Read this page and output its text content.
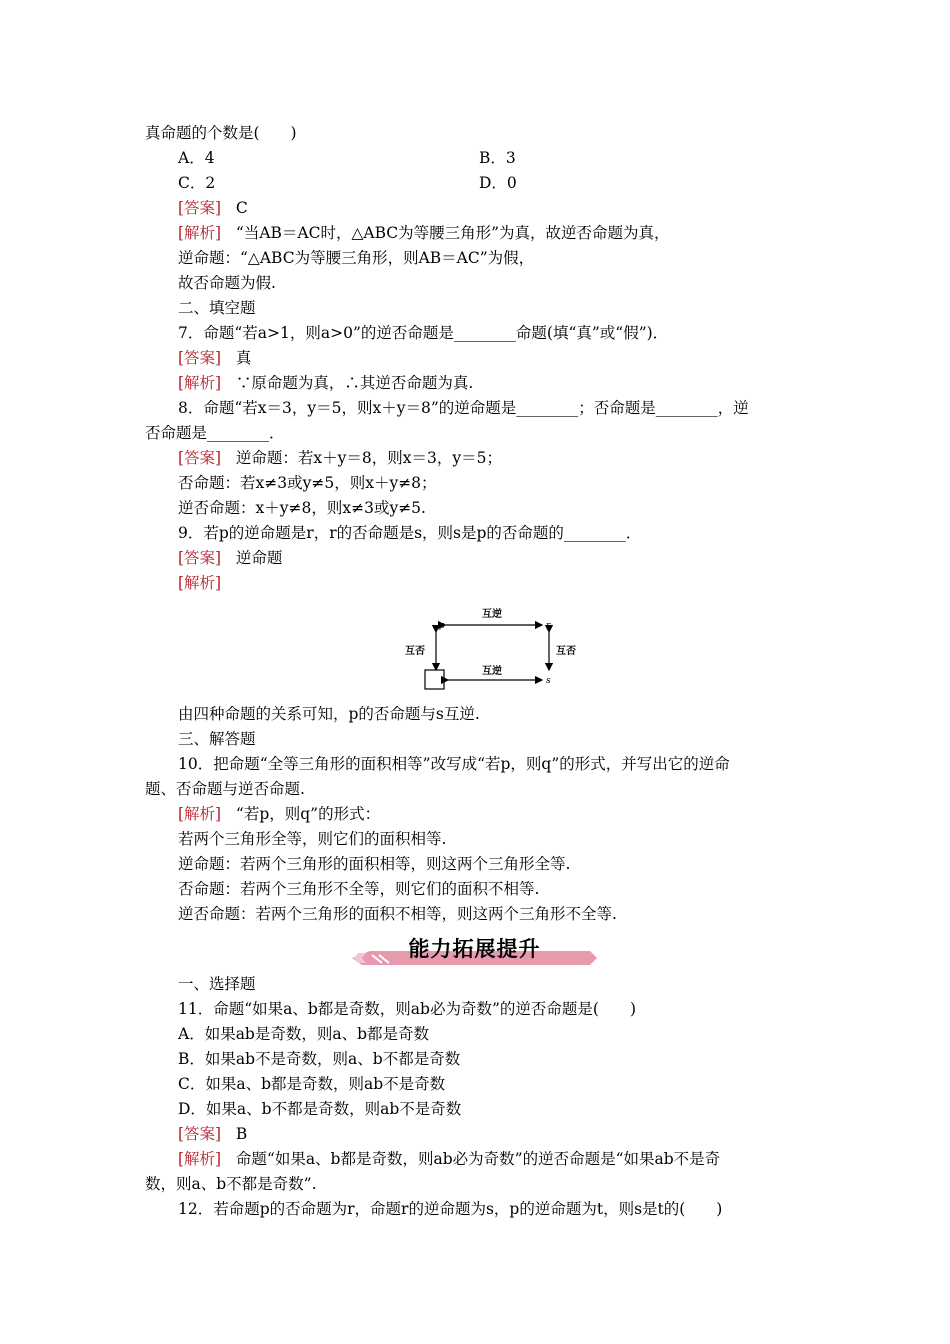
真命题的个数是(　　)
A．4	B．3
C．2	D．0
[答案] C
[解析] “当AB＝AC时，△ABC为等腰三角形”为真，故逆否命题为真，
逆命题：“△ABC为等腰三角形，则AB＝AC”为假，
故否命题为假.
二、填空题
7．命题“若a>1，则a>0”的逆否命题是________命题(填“真”或“假”)．
[答案] 真
[解析] ∵原命题为真，∴其逆否命题为真.
8．命题“若x＝3，y＝5，则x＋y＝8”的逆命题是________；否命题是________，逆
否命题是________．
[答案] 逆命题：若x＋y＝8，则x＝3，y＝5；
否命题：若x≠3或y≠5，则x＋y≠8；
逆否命题：x＋y≠8，则x≠3或y≠5.
9．若p的逆命题是r，r的否命题是s，则s是p的否命题的________．
[答案] 逆命题
[解析]
互逆
p	r
互否	互否
互逆
s
由四种命题的关系可知，p的否命题与s互逆.
三、解答题
10．把命题“全等三角形的面积相等”改写成“若p，则q”的形式，并写出它的逆命
题、否命题与逆否命题.
[解析] “若p，则q”的形式：
若两个三角形全等，则它们的面积相等.
逆命题：若两个三角形的面积相等，则这两个三角形全等.
否命题：若两个三角形不全等，则它们的面积不相等.
逆否命题：若两个三角形的面积不相等，则这两个三角形不全等.
能力拓展提升
一、选择题
11．命题“如果a、b都是奇数，则ab必为奇数”的逆否命题是(　　)
A．如果ab是奇数，则a、b都是奇数
B．如果ab不是奇数，则a、b不都是奇数
C．如果a、b都是奇数，则ab不是奇数
D．如果a、b不都是奇数，则ab不是奇数
[答案] B
[解析] 命题“如果a、b都是奇数，则ab必为奇数”的逆否命题是“如果ab不是奇
数，则a、b不都是奇数”.
12．若命题p的否命题为r，命题r的逆命题为s，p的逆命题为t，则s是t的(　　)
